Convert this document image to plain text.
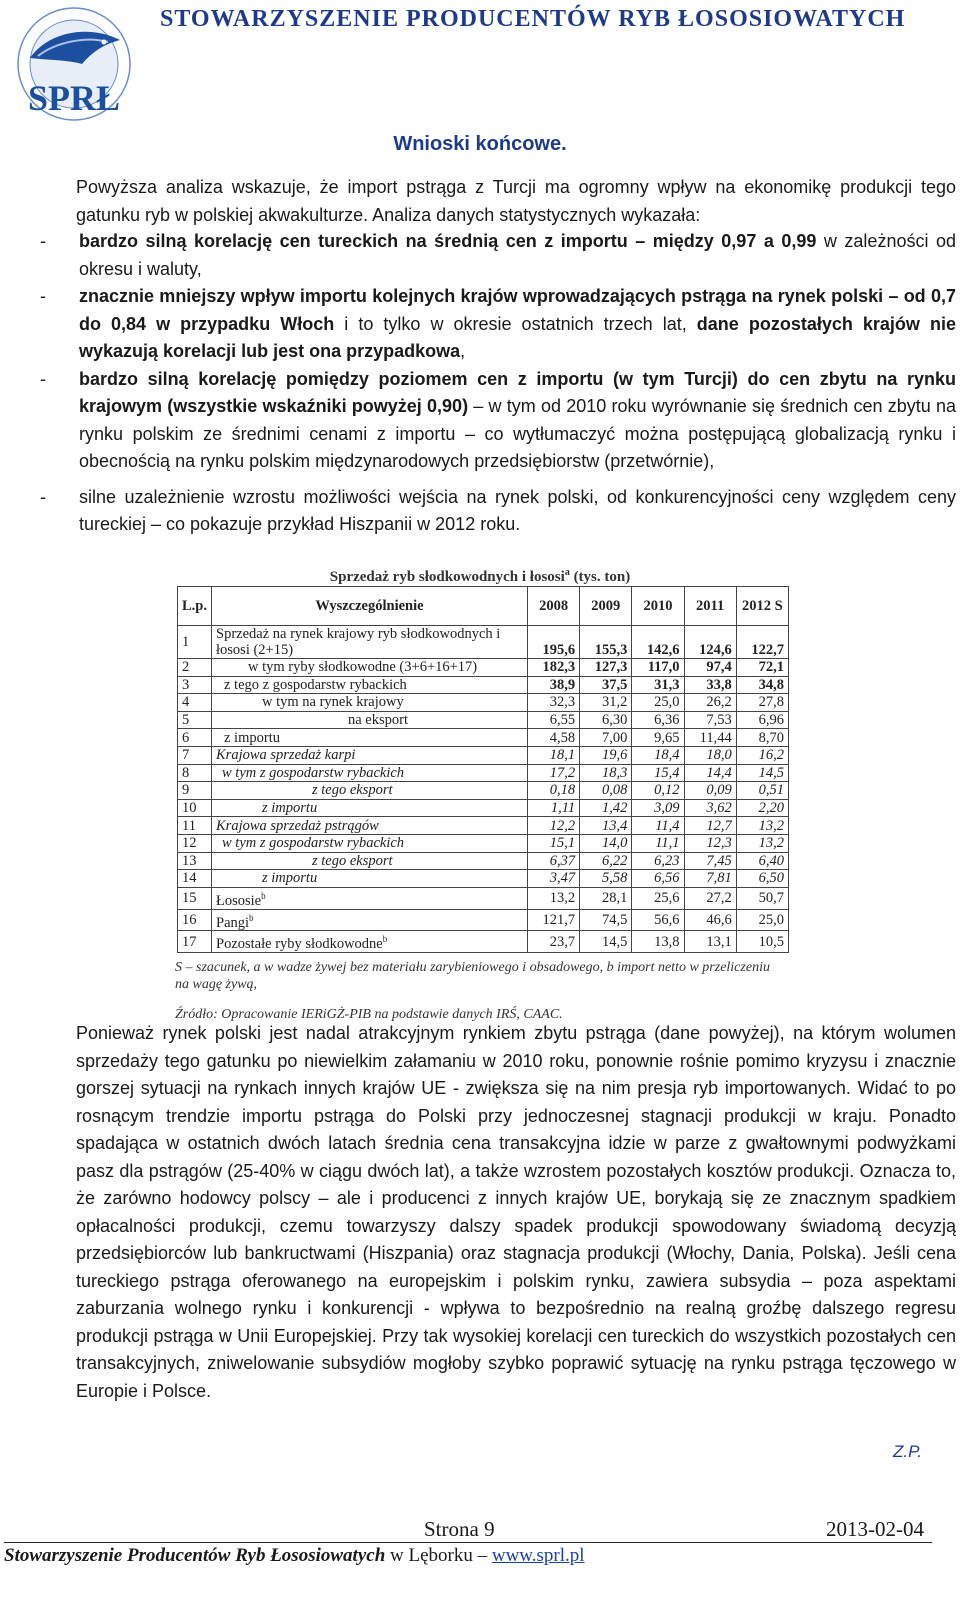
SPRŁ
STOWARZYSZENIE PRODUCENTÓW RYB ŁOSOSIOWATYCH
Wnioski końcowe.
Powyższa analiza wskazuje, że import pstrąga z Turcji ma ogromny wpływ na ekonomikę produkcji tego gatunku ryb w polskiej akwakulturze. Analiza danych statystycznych wykazała:
- bardzo silną korelację cen tureckich na średnią cen z importu – między 0,97 a 0,99 w zależności od okresu i waluty,
- znacznie mniejszy wpływ importu kolejnych krajów wprowadzających pstrąga na rynek polski – od 0,7 do 0,84 w przypadku Włoch i to tylko w okresie ostatnich trzech lat, dane pozostałych krajów nie wykazują korelacji lub jest ona przypadkowa,
- bardzo silną korelację pomiędzy poziomem cen z importu (w tym Turcji) do cen zbytu na rynku krajowym (wszystkie wskaźniki powyżej 0,90) – w tym od 2010 roku wyrównanie się średnich cen zbytu na rynku polskim ze średnimi cenami z importu – co wytłumaczyć można postępującą globalizacją rynku i obecnością na rynku polskim międzynarodowych przedsiębiorstw (przetwórnie),
- silne uzależnienie wzrostu możliwości wejścia na rynek polski, od konkurencyjności ceny względem ceny tureckiej – co pokazuje przykład Hiszpanii w 2012 roku.
Sprzedaż ryb słodkowodnych i łososi$^a$ (tys. ton)
L.p.	Wyszczególnienie	2008	2009	2010	2011	2012 S
1	Sprzedaż na rynek krajowy ryb słodkowodnych i łososi (2+15)	195,6	155,3	142,6	124,6	122,7
2	w tym ryby słodkowodne (3+6+16+17)	182,3	127,3	117,0	97,4	72,1
3	z tego z gospodarstw rybackich	38,9	37,5	31,3	33,8	34,8
4	w tym na rynek krajowy	32,3	31,2	25,0	26,2	27,8
5	na eksport	6,55	6,30	6,36	7,53	6,96
6	z importu	4,58	7,00	9,65	11,44	8,70
7	Krajowa sprzedaż karpi	18,1	19,6	18,4	18,0	16,2
8	w tym z gospodarstw rybackich	17,2	18,3	15,4	14,4	14,5
9	z tego eksport	0,18	0,08	0,12	0,09	0,51
10	z importu	1,11	1,42	3,09	3,62	2,20
11	Krajowa sprzedaż pstrągów	12,2	13,4	11,4	12,7	13,2
12	w tym z gospodarstw rybackich	15,1	14,0	11,1	12,3	13,2
13	z tego eksport	6,37	6,22	6,23	7,45	6,40
14	z importu	3,47	5,58	6,56	7,81	6,50
15	Łososie$^b$	13,2	28,1	25,6	27,2	50,7
16	Pangi$^b$	121,7	74,5	56,6	46,6	25,0
17	Pozostałe ryby słodkowodne$^b$	23,7	14,5	13,8	13,1	10,5
S – szacunek, a w wadze żywej bez materiału zarybieniowego i obsadowego, b import netto w przeliczeniu na wagę żywą,
Źródło: Opracowanie IERiGŻ-PIB na podstawie danych IRŚ, CAAC.
Ponieważ rynek polski jest nadal atrakcyjnym rynkiem zbytu pstrąga (dane powyżej), na którym wolumen sprzedaży tego gatunku po niewielkim załamaniu w 2010 roku, ponownie rośnie pomimo kryzysu i znacznie gorszej sytuacji na rynkach innych krajów UE - zwiększa się na nim presja ryb importowanych. Widać to po rosnącym trendzie importu pstrąga do Polski przy jednoczesnej stagnacji produkcji w kraju. Ponadto spadająca w ostatnich dwóch latach średnia cena transakcyjna idzie w parze z gwałtownymi podwyżkami pasz dla pstrągów (25-40% w ciągu dwóch lat), a także wzrostem pozostałych kosztów produkcji. Oznacza to, że zarówno hodowcy polscy – ale i producenci z innych krajów UE, borykają się ze znacznym spadkiem opłacalności produkcji, czemu towarzyszy dalszy spadek produkcji spowodowany świadomą decyzją przedsiębiorców lub bankructwami (Hiszpania) oraz stagnacja produkcji (Włochy, Dania, Polska). Jeśli cena tureckiego pstrąga oferowanego na europejskim i polskim rynku, zawiera subsydia – poza aspektami zaburzania wolnego rynku i konkurencji - wpływa to bezpośrednio na realną groźbę dalszego regresu produkcji pstrąga w Unii Europejskiej. Przy tak wysokiej korelacji cen tureckich do wszystkich pozostałych cen transakcyjnych, zniwelowanie subsydiów mogłoby szybko poprawić sytuację na rynku pstrąga tęczowego w Europie i Polsce.
Z.P.
Strona 9	2013-02-04
Stowarzyszenie Producentów Ryb Łososiowatych w Lęborku – www.sprl.pl
